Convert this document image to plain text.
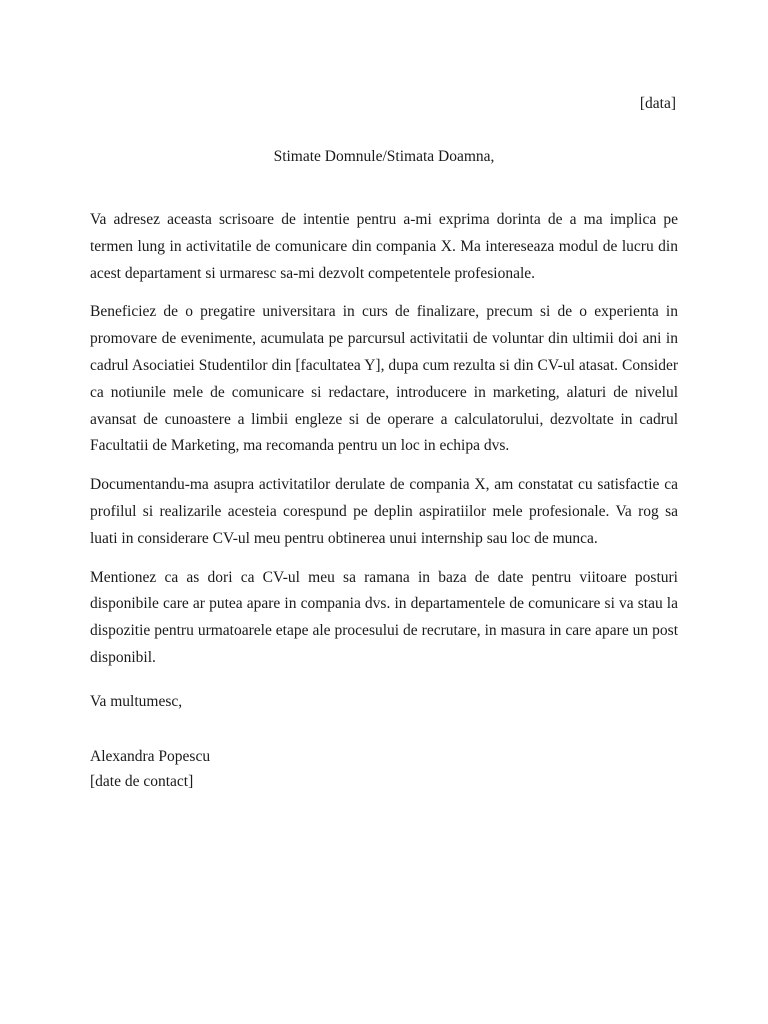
[data]
Stimate Domnule/Stimata Doamna,

Va adresez aceasta scrisoare de intentie pentru a-mi exprima dorinta de a ma implica pe termen lung in activitatile de comunicare din compania X. Ma intereseaza modul de lucru din acest departament si urmaresc sa-mi dezvolt competentele profesionale.

Beneficiez de o pregatire universitara in curs de finalizare, precum si de o experienta in promovare de evenimente, acumulata pe parcursul activitatii de voluntar din ultimii doi ani in cadrul Asociatiei Studentilor din [facultatea Y], dupa cum rezulta si din CV-ul atasat. Consider ca notiunile mele de comunicare si redactare, introducere in marketing, alaturi de nivelul avansat de cunoastere a limbii engleze si de operare a calculatorului, dezvoltate in cadrul Facultatii de Marketing, ma recomanda pentru un loc in echipa dvs.

Documentandu-ma asupra activitatilor derulate de compania X, am constatat cu satisfactie ca profilul si realizarile acesteia corespund pe deplin aspiratiilor mele profesionale. Va rog sa luati in considerare CV-ul meu pentru obtinerea unui internship sau loc de munca.

Mentionez ca as dori ca CV-ul meu sa ramana in baza de date pentru viitoare posturi disponibile care ar putea apare in compania dvs. in departamentele de comunicare si va stau la dispozitie pentru urmatoarele etape ale procesului de recrutare, in masura in care apare un post disponibil.

Va multumesc,
Alexandra Popescu
[date de contact]
